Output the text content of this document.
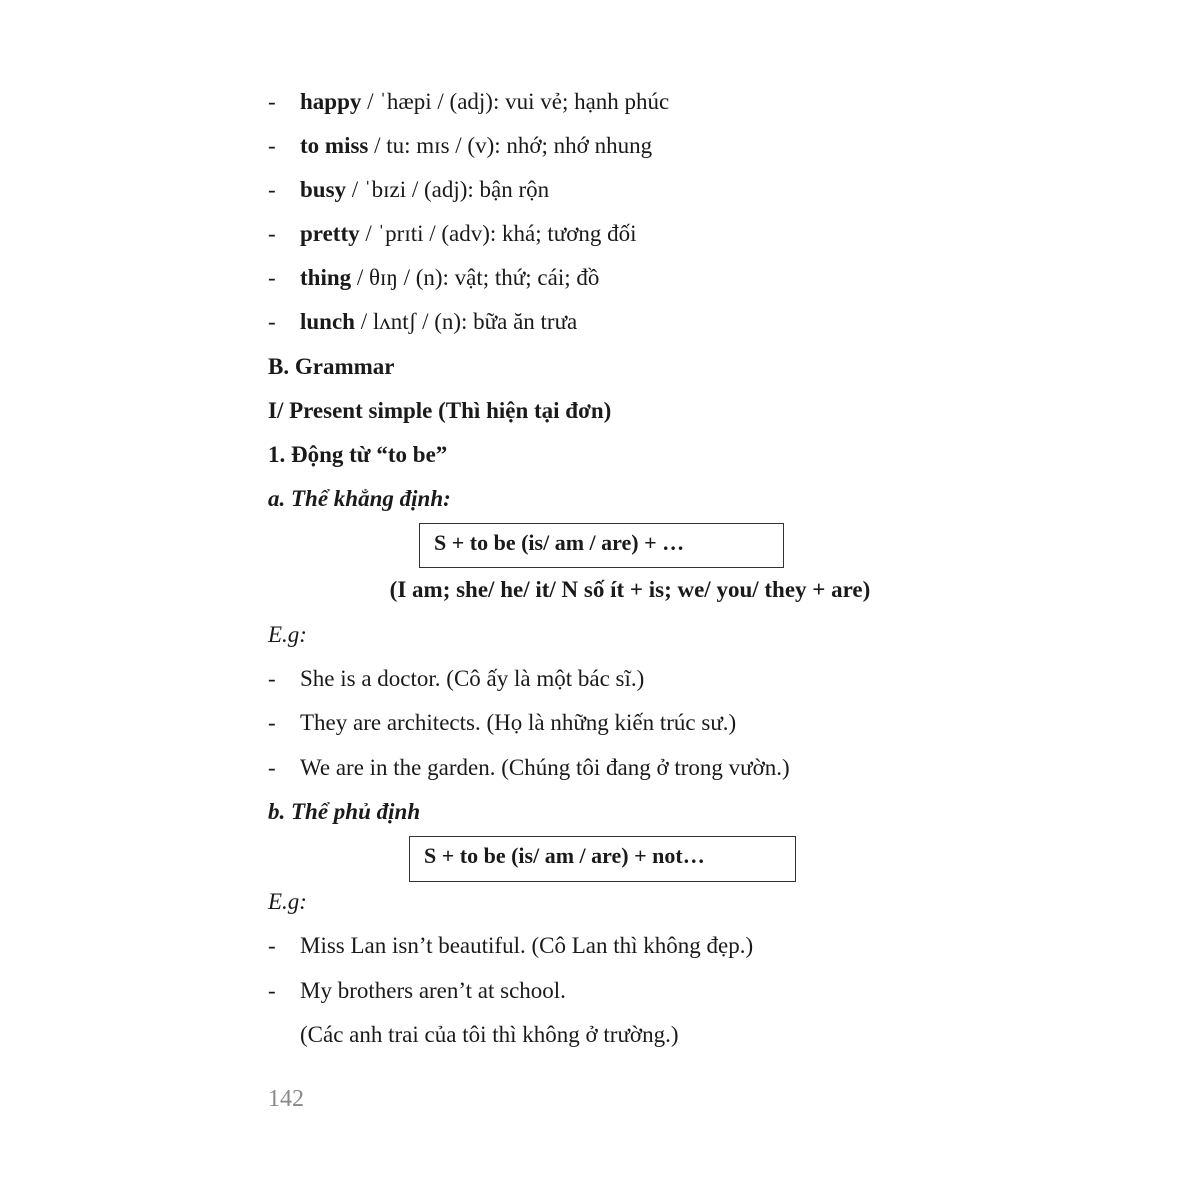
- happy / ˈhæpi / (adj): vui vẻ; hạnh phúc
- to miss / tu: mɪs / (v): nhớ; nhớ nhung
- busy / ˈbɪzi / (adj): bận rộn
- pretty / ˈprɪti / (adv): khá; tương đối
- thing / θɪŋ / (n): vật; thứ; cái; đồ
- lunch / lʌntʃ / (n): bữa ăn trưa
B. Grammar
I/ Present simple (Thì hiện tại đơn)
1. Động từ “to be”
a. Thể khẳng định:
S + to be (is/ am / are) + …
(I am; she/ he/ it/ N số ít + is; we/ you/ they + are)
E.g:
- She is a doctor. (Cô ấy là một bác sĩ.)
- They are architects. (Họ là những kiến trúc sư.)
- We are in the garden. (Chúng tôi đang ở trong vườn.)
b. Thể phủ định
S + to be (is/ am / are) + not…
E.g:
- Miss Lan isn’t beautiful. (Cô Lan thì không đẹp.)
- My brothers aren’t at school.
(Các anh trai của tôi thì không ở trường.)
142
